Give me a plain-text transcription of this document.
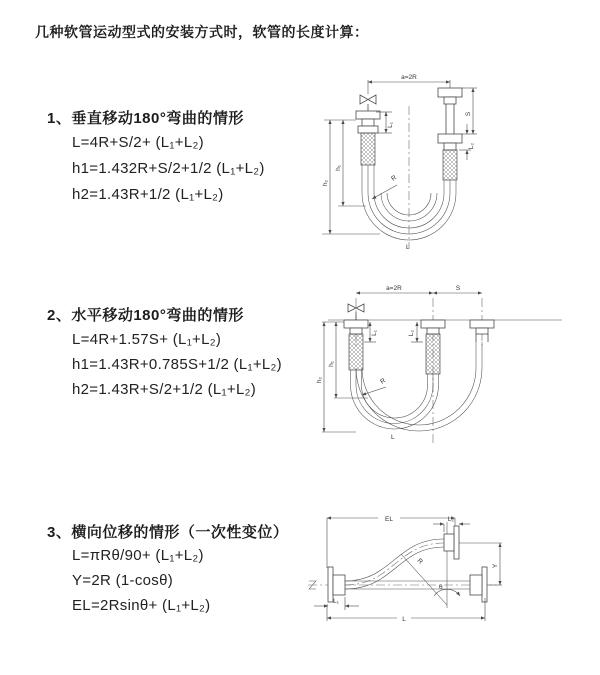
几种软管运动型式的安装方式时，软管的长度计算：
1、垂直移动180°弯曲的情形
L=4R+S/2+ (L₁+L₂)
h1=1.432R+S/2+1/2 (L₁+L₂)
h2=1.43R+1/2 (L₁+L₂)
2、水平移动180°弯曲的情形
L=4R+1.57S+ (L₁+L₂)
h1=1.43R+0.785S+1/2 (L₁+L₂)
h2=1.43R+S/2+1/2 (L₁+L₂)
3、横向位移的情形（一次性变位）
L=πRθ/90+ (L₁+L₂)
Y=2R (1-cosθ)
EL=2Rsinθ+ (L₁+L₂)
a=2R
S
L₂
L₁
h₁
h₂
R
L
a=2R	S
h₁
h₂
L₁	L₂
R
L
EL	L₂
Y
R
θ
L
L₁
